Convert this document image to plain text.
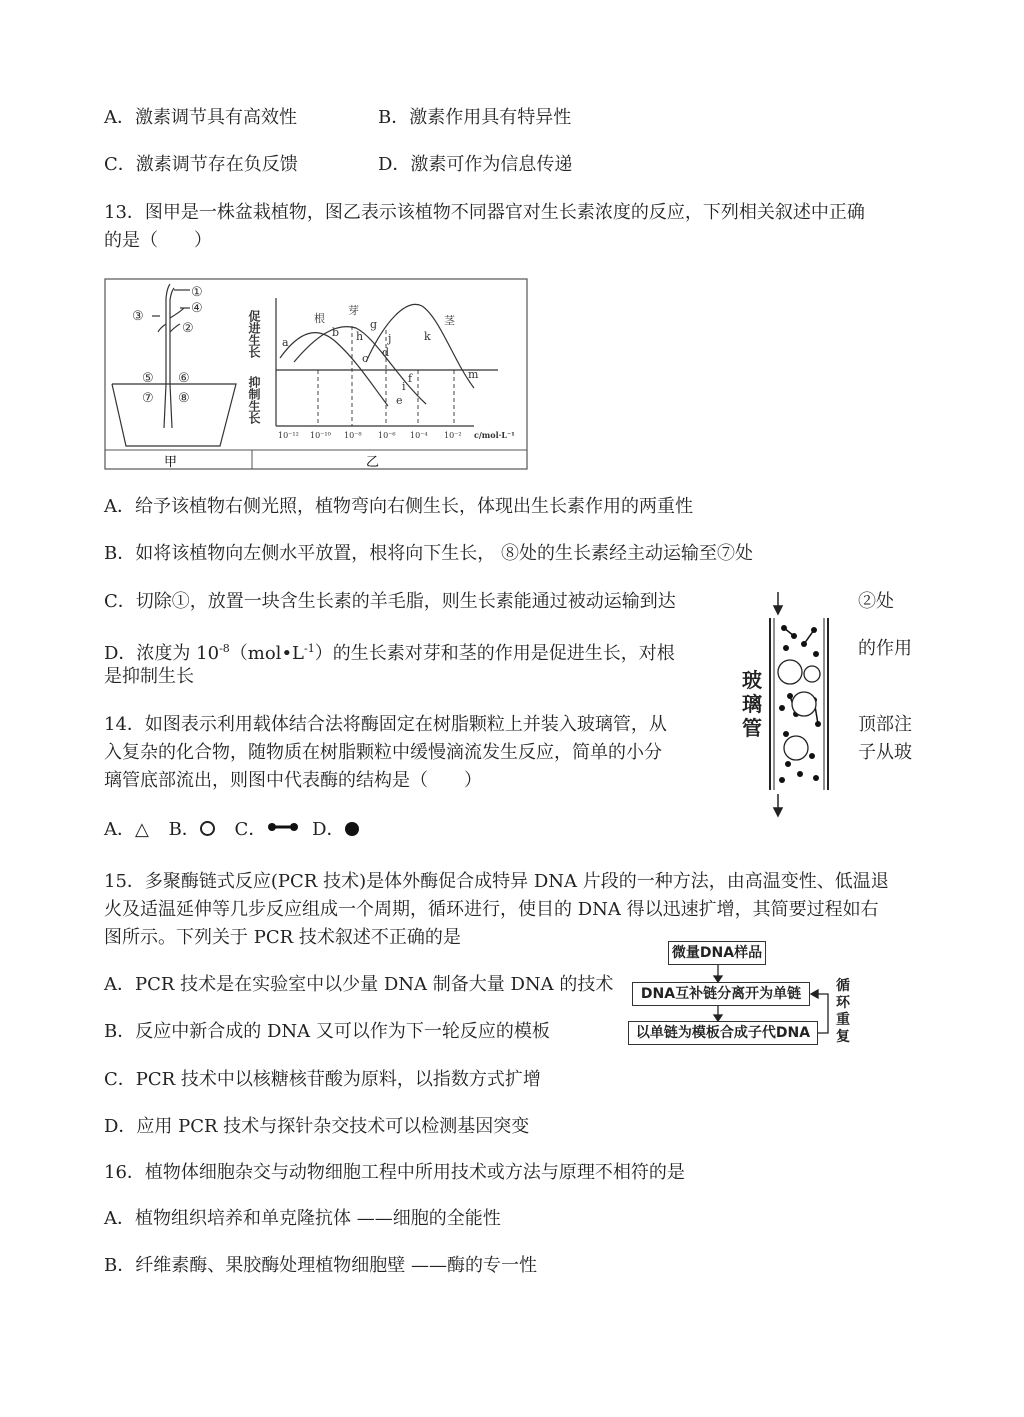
A．激素调节具有高效性	B．激素作用具有特异性
C．激素调节存在负反馈	D．激素可作为信息传递
13．图甲是一株盆栽植物，图乙表示该植物不同器官对生长素浓度的反应，下列相关叙述中正确
的是（　　）
①
④
③
②
⑤ ⑥
⑦ ⑧
甲	乙
促进生长
抑制生长
根
芽
茎
a
b
c d
e
f
g
h
i
j	k
m
10⁻¹² 10⁻¹⁰ 10⁻⁸ 10⁻⁶ 10⁻⁴ 10⁻² c/mol·L⁻¹
A．给予该植物右侧光照，植物弯向右侧生长，体现出生长素作用的两重性
B．如将该植物向左侧水平放置，根将向下生长， ⑧处的生长素经主动运输至⑦处
C．切除①，放置一块含生长素的羊毛脂，则生长素能通过被动运输到达	②处
D．浓度为 $10^{-8}(mol•L^{-1})$的生长素对芽和茎的作用是促进生长，对根	的作用
是抑制生长	玻
璃
管
14．如图表示利用载体结合法将酶固定在树脂颗粒上并装入玻璃管，从	顶部注
入复杂的化合物，随物质在树脂颗粒中缓慢滴流发生反应，简单的小分	子从玻
璃管底部流出，则图中代表酶的结构是（　　）
A．△ B． C．	D．
15．多聚酶链式反应(PCR 技术)是体外酶促合成特异 DNA 片段的一种方法，由高温变性、低温退
火及适温延伸等几步反应组成一个周期，循环进行，使目的 DNA 得以迅速扩增，其简要过程如右
图所示。下列关于 PCR 技术叙述不正确的是
微量DNA样品
DNA互补链分离开为单链
以单链为模板合成子代DNA
循
环
重
复
A．PCR 技术是在实验室中以少量 DNA 制备大量 DNA 的技术
B．反应中新合成的 DNA 又可以作为下一轮反应的模板
C．PCR 技术中以核糖核苷酸为原料，以指数方式扩增
D．应用 PCR 技术与探针杂交技术可以检测基因突变
16．植物体细胞杂交与动物细胞工程中所用技术或方法与原理不相符的是
A．植物组织培养和单克隆抗体 ——细胞的全能性
B．纤维素酶、果胶酶处理植物细胞壁 ——酶的专一性
